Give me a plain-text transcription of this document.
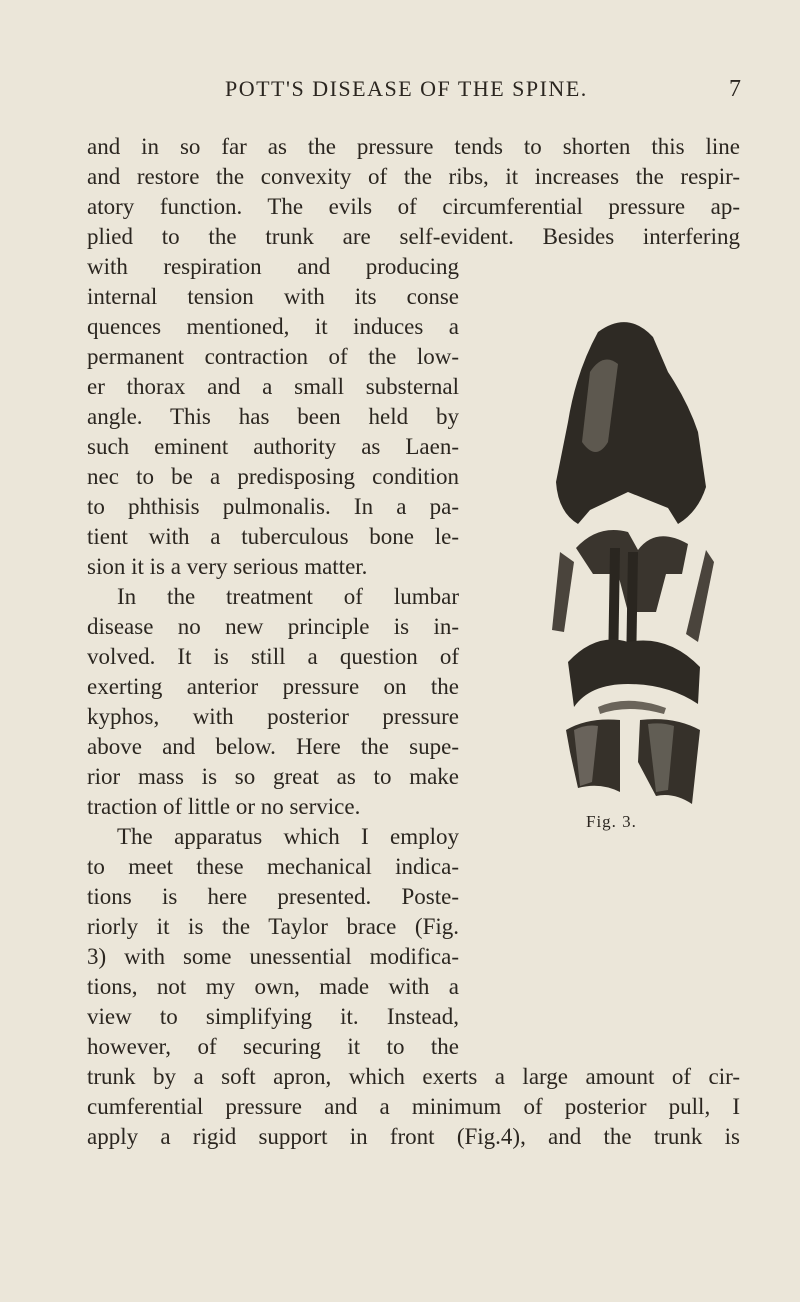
POTT'S DISEASE OF THE SPINE.	7
and in so far as the pressure tends to shorten this line
and restore the convexity of the ribs, it increases the respir-
atory function. The evils of circumferential pressure ap-
plied to the trunk are self-evident. Besides interfering
with respiration and producing
internal tension with its conse
quences mentioned, it induces a
permanent contraction of the low-
er thorax and a small substernal
angle. This has been held by
such eminent authority as Laen-
nec to be a predisposing condition
to phthisis pulmonalis. In a pa-
tient with a tuberculous bone le-
sion it is a very serious matter.
In the treatment of lumbar
disease no new principle is in-
volved. It is still a question of
exerting anterior pressure on the
kyphos, with posterior pressure
above and below. Here the supe-
rior mass is so great as to make
traction of little or no service.
The apparatus which I employ
to meet these mechanical indica-
tions is here presented. Poste-
riorly it is the Taylor brace (Fig.
3) with some unessential modifica-
tions, not my own, made with a
view to simplifying it. Instead,
however, of securing it to the
trunk by a soft apron, which exerts a large amount of cir-
cumferential pressure and a minimum of posterior pull, I
apply a rigid support in front (Fig.4), and the trunk is
Fig. 3.
